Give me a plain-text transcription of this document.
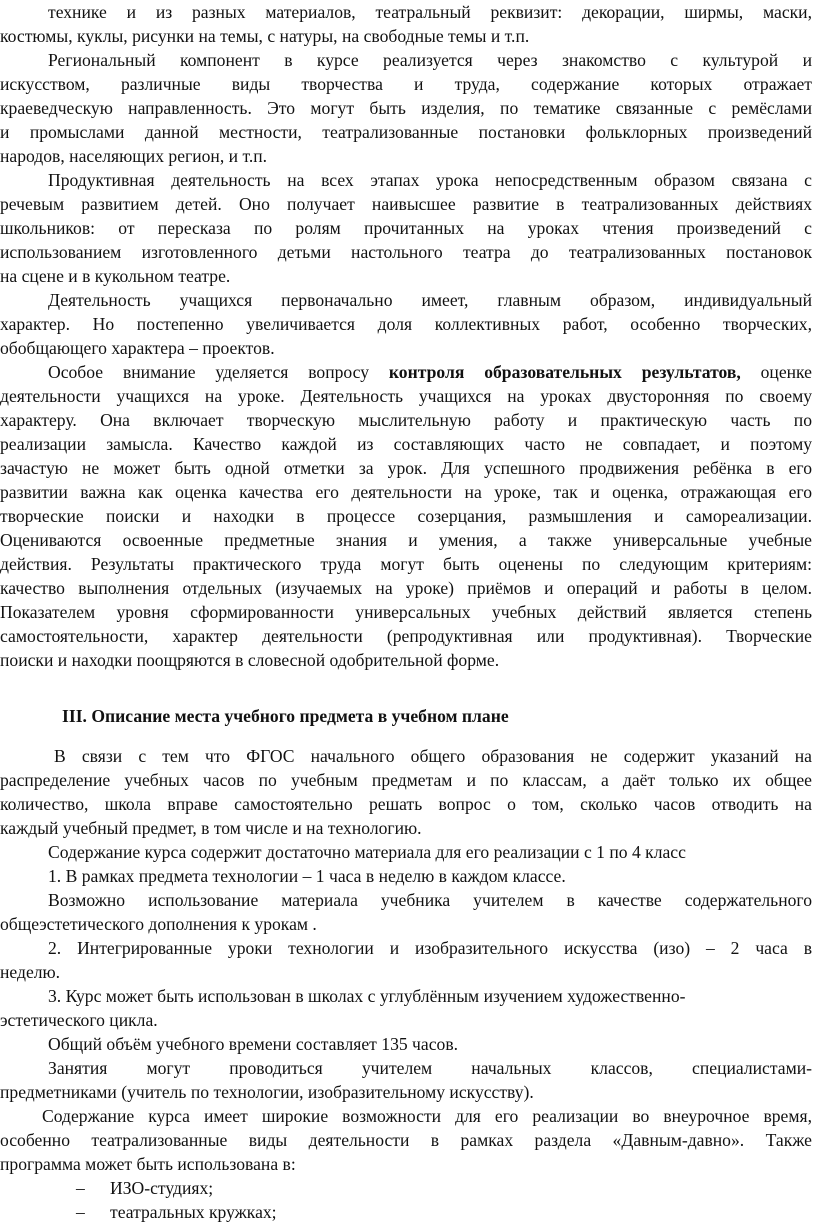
технике и из разных материалов, театральный реквизит: декорации, ширмы, маски,
костюмы, куклы, рисунки на темы, с натуры, на свободные темы и т.п.
Региональный компонент в курсе реализуется через знакомство с культурой и
искусством, различные виды творчества и труда, содержание которых отражает
краеведческую направленность. Это могут быть изделия, по тематике связанные с ремёслами
и промыслами данной местности, театрализованные постановки фольклорных произведений
народов, населяющих регион, и т.п.
Продуктивная деятельность на всех этапах урока непосредственным образом связана с
речевым развитием детей. Оно получает наивысшее развитие в театрализованных действиях
школьников: от пересказа по ролям прочитанных на уроках чтения произведений с
использованием изготовленного детьми настольного театра до театрализованных постановок
на сцене и в кукольном театре.
Деятельность учащихся первоначально имеет, главным образом, индивидуальный
характер. Но постепенно увеличивается доля коллективных работ, особенно творческих,
обобщающего характера – проектов.
Особое внимание уделяется вопросу контроля образовательных результатов, оценке
деятельности учащихся на уроке. Деятельность учащихся на уроках двусторонняя по своему
характеру. Она включает творческую мыслительную работу и практическую часть по
реализации замысла. Качество каждой из составляющих часто не совпадает, и поэтому
зачастую не может быть одной отметки за урок. Для успешного продвижения ребёнка в его
развитии важна как оценка качества его деятельности на уроке, так и оценка, отражающая его
творческие поиски и находки в процессе созерцания, размышления и самореализации.
Оцениваются освоенные предметные знания и умения, а также универсальные учебные
действия. Результаты практического труда могут быть оценены по следующим критериям:
качество выполнения отдельных (изучаемых на уроке) приёмов и операций и работы в целом.
Показателем уровня сформированности универсальных учебных действий является степень
самостоятельности, характер деятельности (репродуктивная или продуктивная). Творческие
поиски и находки поощряются в словесной одобрительной форме.
III. Описание места учебного предмета в учебном плане
В связи с тем что ФГОС начального общего образования не содержит указаний на
распределение учебных часов по учебным предметам и по классам, а даёт только их общее
количество, школа вправе самостоятельно решать вопрос о том, сколько часов отводить на
каждый учебный предмет, в том числе и на технологию.
Содержание курса содержит достаточно материала для его реализации с 1 по 4 класс
1. В рамках предмета технологии – 1 часа в неделю в каждом классе.
Возможно использование материала учебника учителем в качестве содержательного
общеэстетического дополнения к урокам .
2. Интегрированные уроки технологии и изобразительного искусства (изо) – 2 часа в
неделю.
3. Курс может быть использован в школах с углублённым изучением художественно-
эстетического цикла.
Общий объём учебного времени составляет 135 часов.
Занятия могут проводиться учителем начальных классов, специалистами-
предметниками (учитель по технологии, изобразительному искусству).
Содержание курса имеет широкие возможности для его реализации во внеурочное время,
особенно театрализованные виды деятельности в рамках раздела «Давным-давно». Также
программа может быть использована в:
– ИЗО-студиях;
– театральных кружках;
